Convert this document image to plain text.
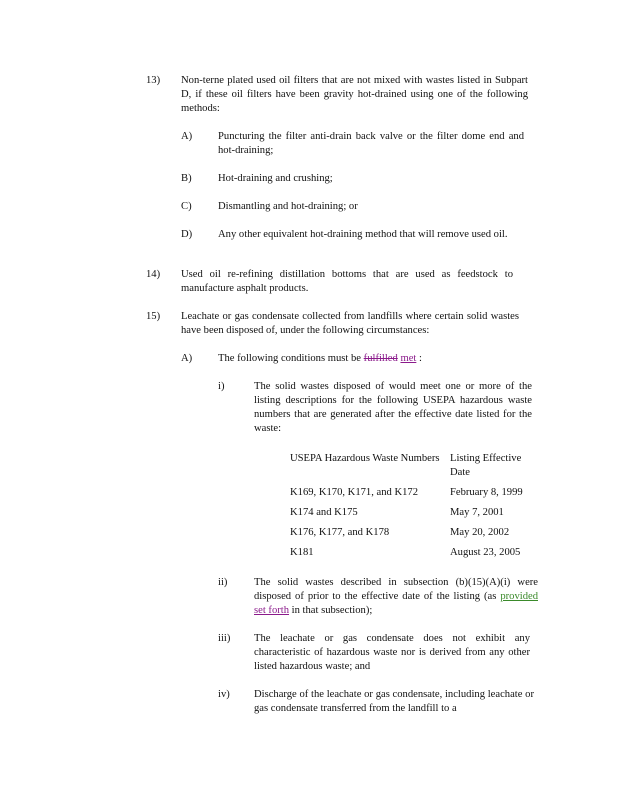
13) Non-terne plated used oil filters that are not mixed with wastes listed in Subpart D, if these oil filters have been gravity hot-drained using one of the following methods:
A) Puncturing the filter anti-drain back valve or the filter dome end and hot-draining;
B) Hot-draining and crushing;
C) Dismantling and hot-draining; or
D) Any other equivalent hot-draining method that will remove used oil.
14) Used oil re-refining distillation bottoms that are used as feedstock to manufacture asphalt products.
15) Leachate or gas condensate collected from landfills where certain solid wastes have been disposed of, under the following circumstances:
A) The following conditions must be fulfilled met :
i)	The solid wastes disposed of would meet one or more of the listing descriptions for the following USEPA hazardous waste numbers that are generated after the effective date listed for the waste:
USEPA Hazardous Waste Numbers	Listing Effective Date
K169, K170, K171, and K172	February 8, 1999
K174 and K175	May 7, 2001
K176, K177, and K178	May 20, 2002
K181	August 23, 2005
ii)	The solid wastes described in subsection (b)(15)(A)(i) were disposed of prior to the effective date of the listing (as provided set forth in that subsection);
iii) The leachate or gas condensate does not exhibit any characteristic of hazardous waste nor is derived from any other listed hazardous waste; and
iv) Discharge of the leachate or gas condensate, including leachate or gas condensate transferred from the landfill to a
